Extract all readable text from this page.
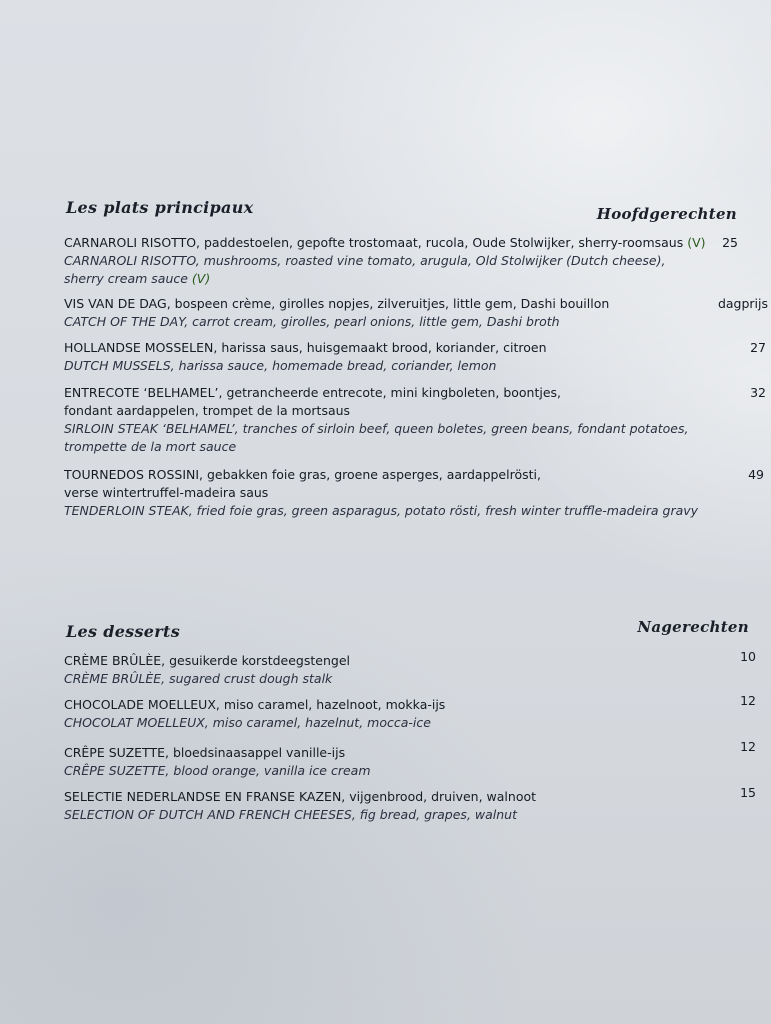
Les plats principaux	Hoofdgerechten

CARNAROLI RISOTTO, paddestoelen, gepofte trostomaat, rucola, Oude Stolwijker, sherry-roomsaus (V)

CARNAROLI RISOTTO, mushrooms, roasted vine tomato, arugula, Old Stolwijker (Dutch cheese),

sherry cream sauce (V)

25

VIS VAN DE DAG, bospeen crème, girolles nopjes, zilveruitjes, little gem, Dashi bouillon

CATCH OF THE DAY, carrot cream, girolles, pearl onions, little gem, Dashi broth

dagprijs

HOLLANDSE MOSSELEN, harissa saus, huisgemaakt brood, koriander, citroen

DUTCH MUSSELS, harissa sauce, homemade bread, coriander, lemon

27

ENTRECOTE ‘BELHAMEL’, getrancheerde entrecote, mini kingboleten, boontjes,

fondant aardappelen, trompet de la mortsaus

SIRLOIN STEAK ‘BELHAMEL’, tranches of sirloin beef, queen boletes, green beans, fondant potatoes,

trompette de la mort sauce

32

TOURNEDOS ROSSINI, gebakken foie gras, groene asperges, aardappelrösti,

verse wintertruffel-madeira saus

TENDERLOIN STEAK, fried foie gras, green asparagus, potato rösti, fresh winter truffle-madeira gravy

49
Les desserts	Nagerechten

CRÈME BRÛLÈE, gesuikerde korstdeegstengel

CRÈME BRÛLÈE, sugared crust dough stalk

10

CHOCOLADE MOELLEUX, miso caramel, hazelnoot, mokka-ijs

CHOCOLAT MOELLEUX, miso caramel, hazelnut, mocca-ice

12

CRÊPE SUZETTE, bloedsinaasappel vanille-ijs

CRÊPE SUZETTE, blood orange, vanilla ice cream

12

SELECTIE NEDERLANDSE EN FRANSE KAZEN, vijgenbrood, druiven, walnoot

SELECTION OF DUTCH AND FRENCH CHEESES, fig bread, grapes, walnut

15
